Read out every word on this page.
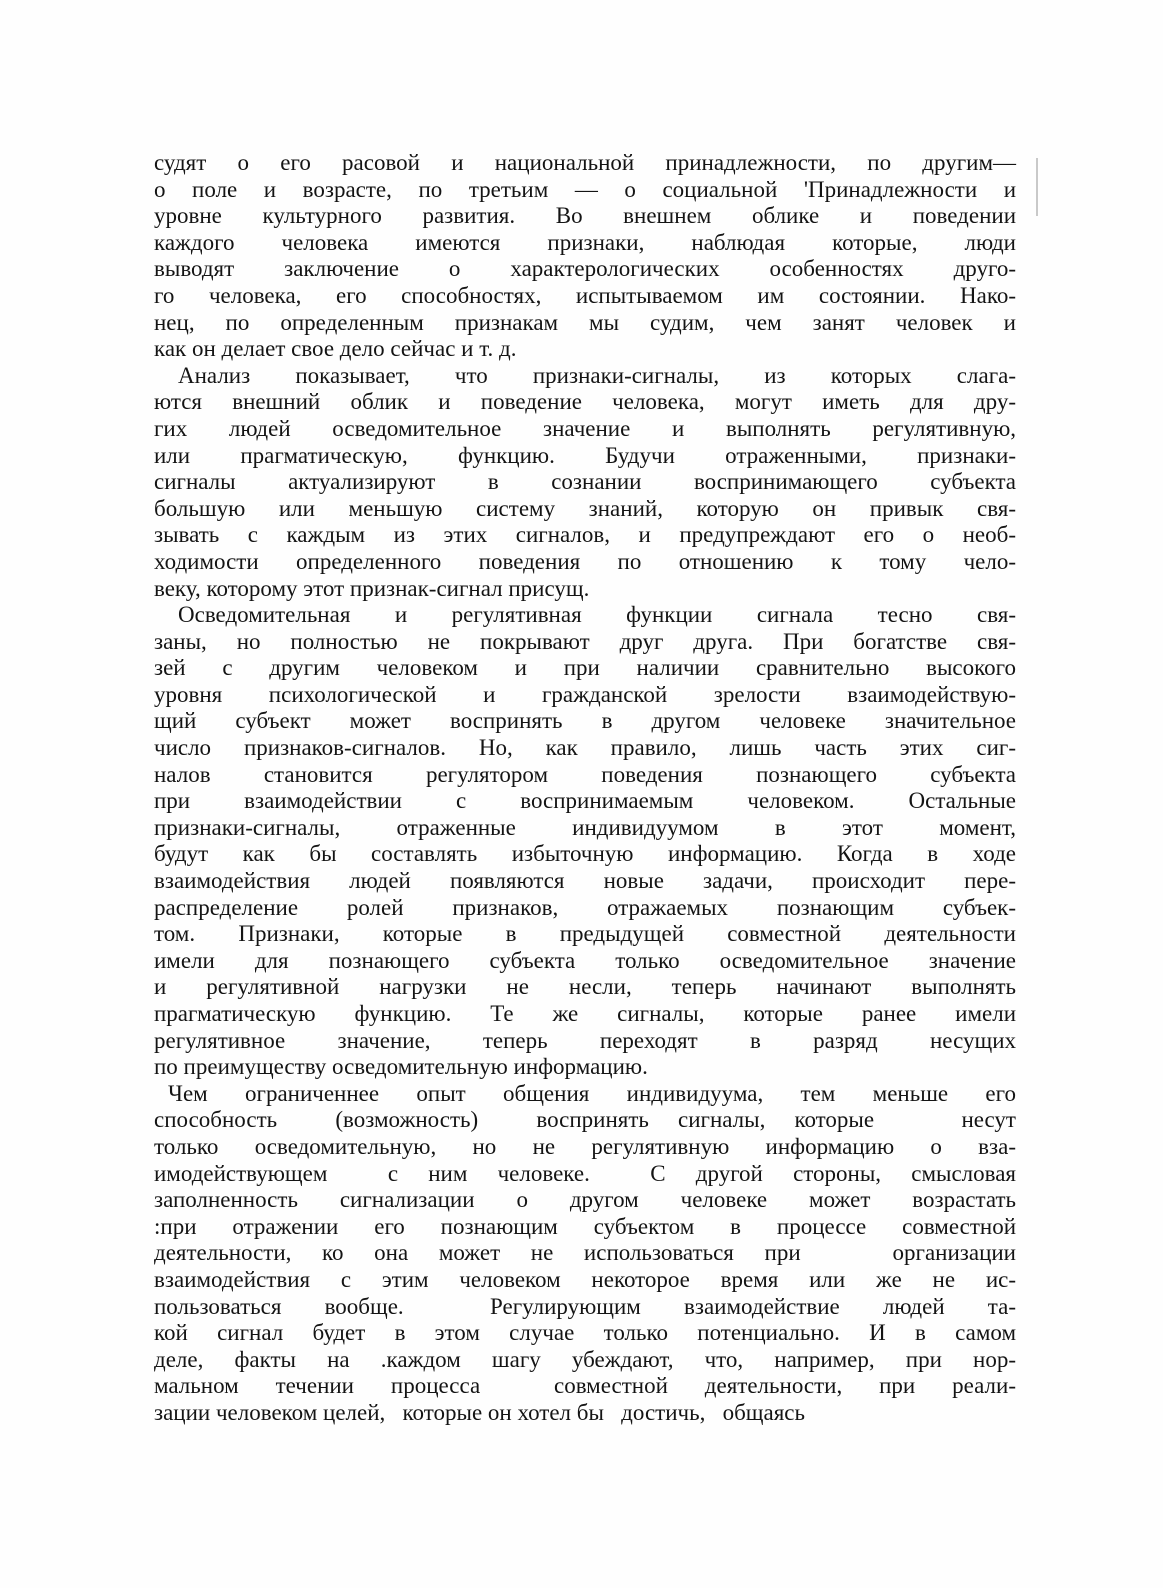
судят о его расовой и национальной принадлежности, по другим—
о поле и возрасте, по третьим — о социальной 'Принадлежности и
уровне культурного развития. Во внешнем облике и поведении
каждого человека имеются признаки, наблюдая которые, люди
выводят заключение о характерологических особенностях друго-
го человека, его способностях, испытываемом им состоянии. Нако-
нец, по определенным признакам мы судим, чем занят человек и
как он делает свое дело сейчас и т. д.
Анализ показывает, что признаки-сигналы, из которых слага-
ются внешний облик и поведение человека, могут иметь для дру-
гих людей осведомительное значение и выполнять регулятивную,
или прагматическую, функцию. Будучи отраженными, признаки-
сигналы актуализируют в сознании воспринимающего субъекта
большую или меньшую систему знаний, которую он привык свя-
зывать с каждым из этих сигналов, и предупреждают его о необ-
ходимости определенного поведения по отношению к тому чело-
веку, которому этот признак-сигнал присущ.
Осведомительная и регулятивная функции сигнала тесно свя-
заны, но полностью не покрывают друг друга. При богатстве свя-
зей с другим человеком и при наличии сравнительно высокого
уровня психологической и гражданской зрелости взаимодействую-
щий субъект может воспринять в другом человеке значительное
число признаков-сигналов. Но, как правило, лишь часть этих сиг-
налов становится регулятором поведения познающего субъекта
при взаимодействии с воспринимаемым человеком. Остальные
признаки-сигналы, отраженные индивидуумом в этот момент,
будут как бы составлять избыточную информацию. Когда в ходе
взаимодействия людей появляются новые задачи, происходит пере-
распределение ролей признаков, отражаемых познающим субъек-
том. Признаки, которые в предыдущей совместной деятельности
имели для познающего субъекта только осведомительное значение
и регулятивной нагрузки не несли, теперь начинают выполнять
прагматическую функцию. Те же сигналы, которые ранее имели
регулятивное значение, теперь переходят в разряд несущих
по преимуществу осведомительную информацию.
Чем ограниченнее опыт общения индивидуума, тем меньше его
способность  (возможность)  воспринять сигналы, которые   несут
только осведомительную, но не регулятивную информацию о вза-
имодействующем  с ним человеке.  С другой стороны, смысловая
заполненность сигнализации о другом человеке может возрастать
:при отражении его познающим субъектом в процессе совместной
деятельности, ко она может не использоваться при   организации
взаимодействия с этим человеком некоторое время или же не ис-
пользоваться вообще.  Регулирующим взаимодействие людей та-
кой сигнал будет в этом случае только потенциально. И в самом
деле, факты на .каждом шагу убеждают, что, например, при нор-
мальном течении процесса  совместной деятельности, при реали-
зации человеком целей,   которые он хотел бы   достичь,   общаясь
